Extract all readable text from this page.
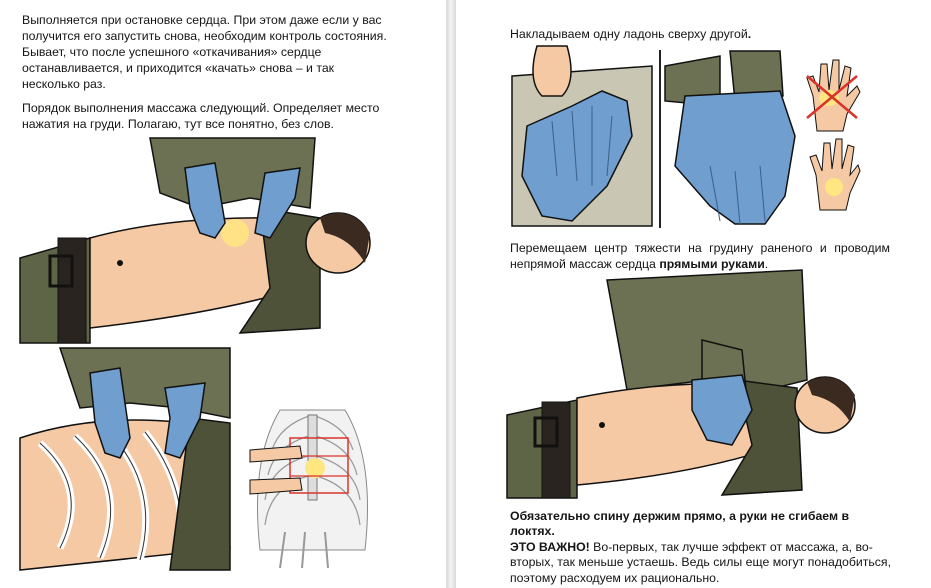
Выполняется при остановке сердца. При этом даже если у вас получится его запустить снова, необходим контроль состояния. Бывает, что после успешного «откачивания» сердце останавливается, и приходится «качать» снова – и так несколько раз.

Порядок выполнения массажа следующий. Определяет место нажатия на груди. Полагаю, тут все понятно, без слов.

Накладываем одну ладонь сверху другой.

Перемещаем центр тяжести на грудину раненого и проводим непрямой массаж сердца прямыми руками.

Обязательно спину держим прямо, а руки не сгибаем в локтях.
ЭТО ВАЖНО! Во-первых, так лучше эффект от массажа, а, во-вторых, так меньше устаешь. Ведь силы еще могут понадобиться, поэтому расходуем их рационально.
